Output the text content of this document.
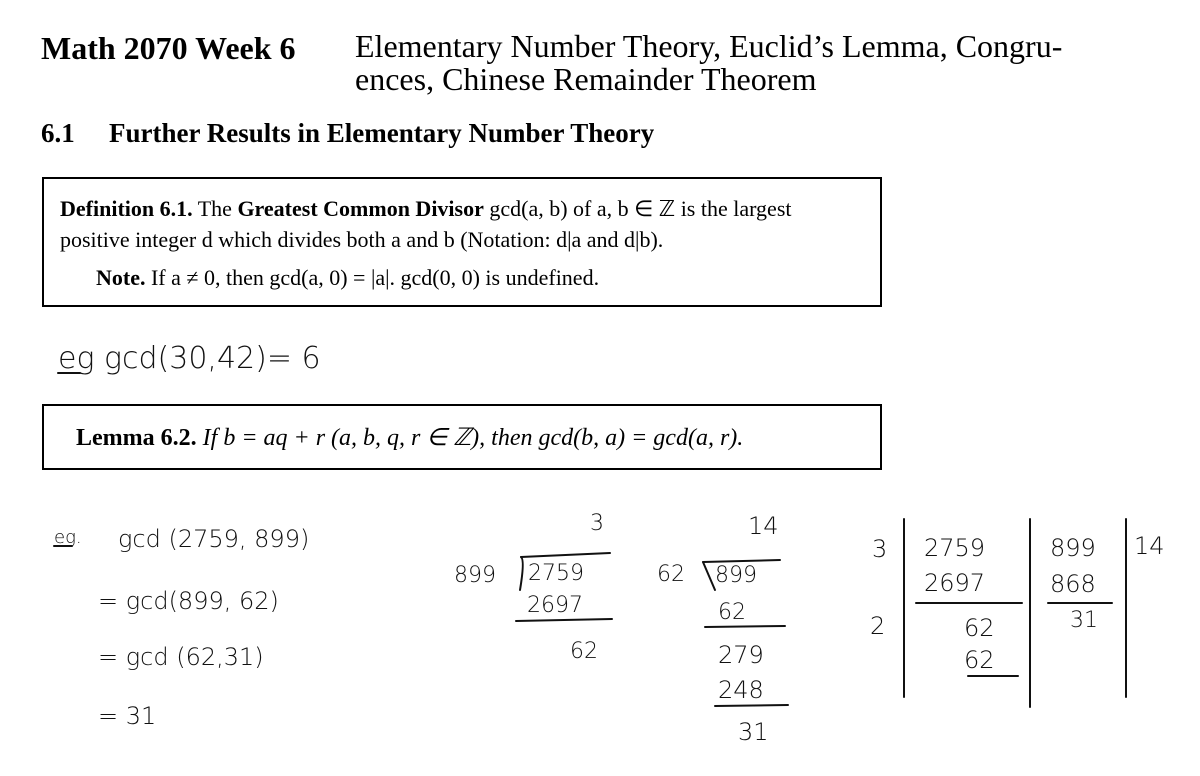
Math 2070 Week 6 Elementary Number Theory, Euclid’s Lemma, Congru-
ences, Chinese Remainder Theorem
6.1 Further Results in Elementary Number Theory
Definition 6.1. The Greatest Common Divisor gcd(a, b) of a, b ∈ ℤ is the largest
positive integer d which divides both a and b (Notation: d|a and d|b).
Note. If a ≠ 0, then gcd(a, 0) = |a|. gcd(0, 0) is undefined.
Lemma 6.2. If b = aq + r (a, b, q, r ∈ ℤ), then gcd(b, a) = gcd(a, r).
eg gcd(30,42)= 6
eg. gcd (2759, 899)
= gcd(899, 62)
= gcd (62,31)
= 31
3
899 2759
2697
62
14
62 899
62
279
248
31
3
2
2759
2697
62
62
899
868
31
14
